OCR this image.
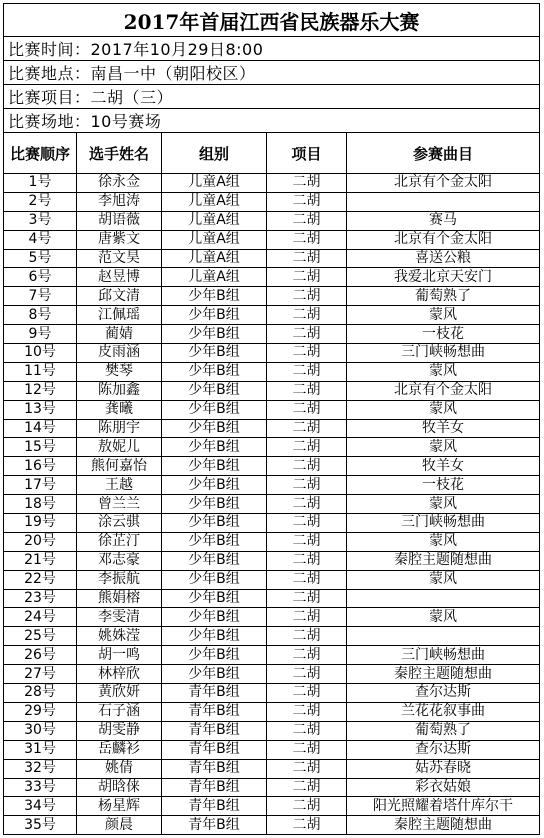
2017年首届江西省民族器乐大赛				
比赛时间：2017年10月29日8:00				
比赛地点：南昌一中（朝阳校区）				
比赛项目：二胡（三）				
比赛场地：10号赛场				
比赛顺序	选手姓名	组别	项目	参赛曲目
1号	徐永佥	儿童A组	二胡	北京有个金太阳
2号	李旭涛	儿童A组	二胡	
3号	胡语薇	儿童A组	二胡	赛马
4号	唐紫文	儿童A组	二胡	北京有个金太阳
5号	范文昊	儿童A组	二胡	喜送公粮
6号	赵昱博	儿童A组	二胡	我爱北京天安门
7号	邱文清	少年B组	二胡	葡萄熟了
8号	江佩瑶	少年B组	二胡	蒙风
9号	蔺婧	少年B组	二胡	一枝花
10号	皮雨涵	少年B组	二胡	三门峡畅想曲
11号	樊琴	少年B组	二胡	蒙风
12号	陈加鑫	少年B组	二胡	北京有个金太阳
13号	龚曦	少年B组	二胡	蒙风
14号	陈朋宇	少年B组	二胡	牧羊女
15号	敖妮儿	少年B组	二胡	蒙风
16号	熊何嘉怡	少年B组	二胡	牧羊女
17号	王越	少年B组	二胡	一枝花
18号	曾兰兰	少年B组	二胡	蒙风
19号	涂云骐	少年B组	二胡	三门峡畅想曲
20号	徐芷汀	少年B组	二胡	蒙风
21号	邓志豪	少年B组	二胡	秦腔主题随想曲
22号	李振航	少年B组	二胡	蒙风
23号	熊娟榕	少年B组	二胡	
24号	李雯清	少年B组	二胡	蒙风
25号	姚姝滢	少年B组	二胡	
26号	胡一鸣	少年B组	二胡	三门峡畅想曲
27号	林梓欣	少年B组	二胡	秦腔主题随想曲
28号	黄欣妍	青年B组	二胡	查尔达斯
29号	石子涵	青年B组	二胡	兰花花叙事曲
30号	胡雯静	青年B组	二胡	葡萄熟了
31号	岳麟衫	青年B组	二胡	查尔达斯
32号	姚倩	青年B组	二胡	姑苏春晓
33号	胡晗俫	青年B组	二胡	彩衣姑娘
34号	杨星辉	青年B组	二胡	阳光照耀着塔什库尔干
35号	颜晨	青年B组	二胡	秦腔主题随想曲
